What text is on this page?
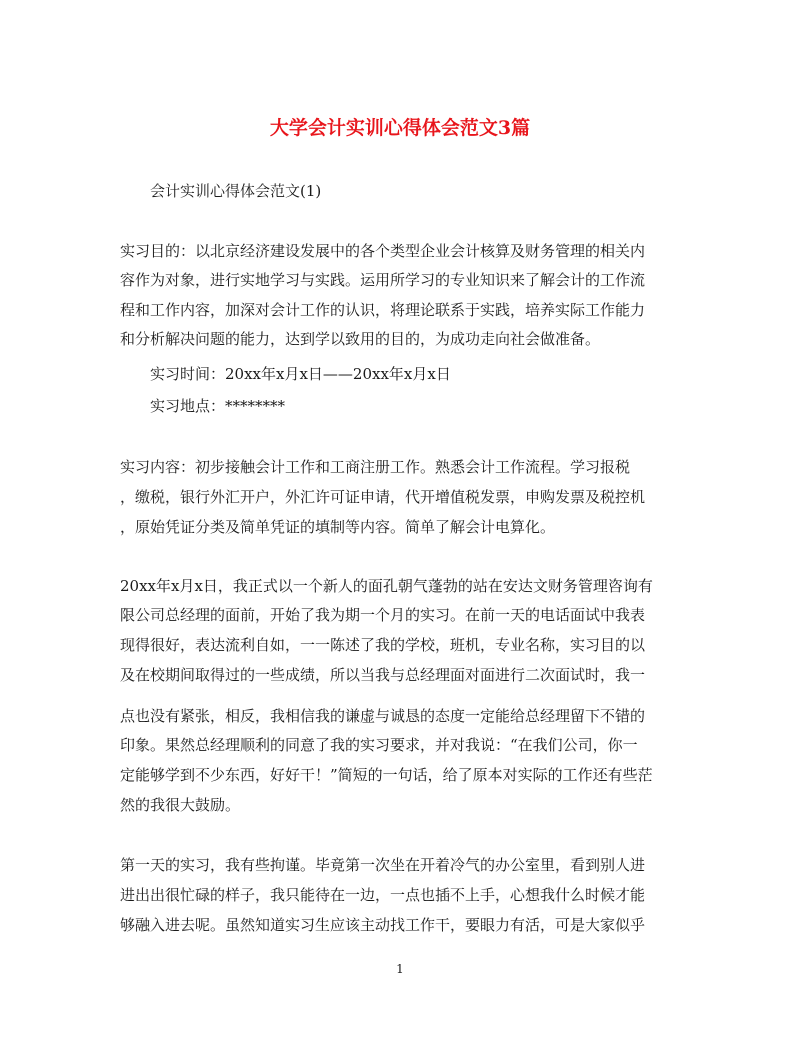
大学会计实训心得体会范文3篇
会计实训心得体会范文(1)
实习目的：以北京经济建设发展中的各个类型企业会计核算及财务管理的相关内
容作为对象，进行实地学习与实践。运用所学习的专业知识来了解会计的工作流
程和工作内容，加深对会计工作的认识，将理论联系于实践，培养实际工作能力
和分析解决问题的能力，达到学以致用的目的，为成功走向社会做准备。
实习时间：20xx年x月x日——20xx年x月x日
实习地点：********
实习内容：初步接触会计工作和工商注册工作。熟悉会计工作流程。学习报税
，缴税，银行外汇开户，外汇许可证申请，代开增值税发票，申购发票及税控机
，原始凭证分类及简单凭证的填制等内容。简单了解会计电算化。
20xx年x月x日，我正式以一个新人的面孔朝气蓬勃的站在安达文财务管理咨询有
限公司总经理的面前，开始了我为期一个月的实习。在前一天的电话面试中我表
现得很好，表达流利自如，一一陈述了我的学校，班机，专业名称，实习目的以
及在校期间取得过的一些成绩，所以当我与总经理面对面进行二次面试时，我一
点也没有紧张，相反，我相信我的谦虚与诚恳的态度一定能给总经理留下不错的
印象。果然总经理顺利的同意了我的实习要求，并对我说：“在我们公司，你一
定能够学到不少东西，好好干！”简短的一句话，给了原本对实际的工作还有些茫
然的我很大鼓励。
第一天的实习，我有些拘谨。毕竟第一次坐在开着冷气的办公室里，看到别人进
进出出很忙碌的样子，我只能待在一边，一点也插不上手，心想我什么时候才能
够融入进去呢。虽然知道实习生应该主动找工作干，要眼力有活，可是大家似乎
1
